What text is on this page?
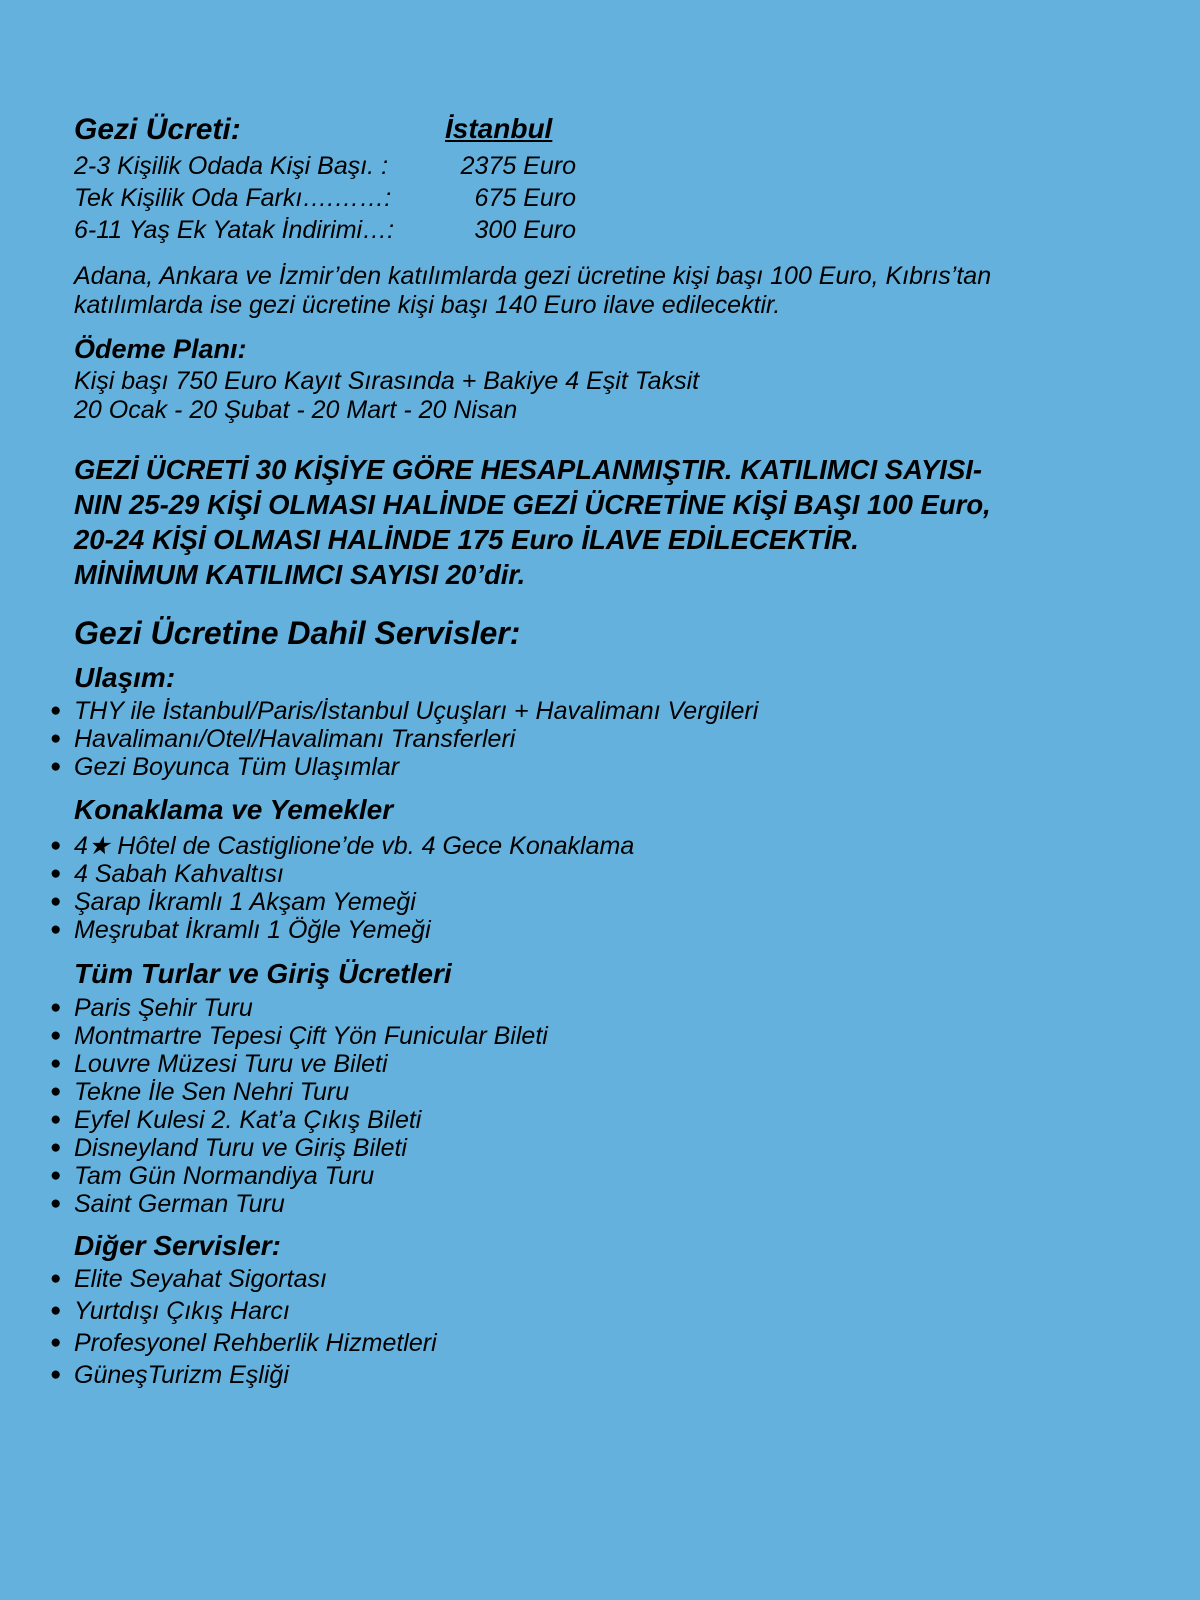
Gezi Ücreti:	İstanbul
2-3 Kişilik Odada Kişi Başı. :	2375 Euro
Tek Kişilik Oda Farkı….……:	675 Euro
6-11 Yaş Ek Yatak İndirimi…:	300 Euro
Adana, Ankara ve İzmir’den katılımlarda gezi ücretine kişi başı 100 Euro, Kıbrıs’tan
katılımlarda ise gezi ücretine kişi başı 140 Euro ilave edilecektir.
Ödeme Planı:
Kişi başı 750 Euro Kayıt Sırasında + Bakiye 4 Eşit Taksit
20 Ocak - 20 Şubat - 20 Mart - 20 Nisan
GEZİ ÜCRETİ 30 KİŞİYE GÖRE HESAPLANMIŞTIR. KATILIMCI SAYISI-
NIN 25-29 KİŞİ OLMASI HALİNDE GEZİ ÜCRETİNE KİŞİ BAŞI 100 Euro,
20-24 KİŞİ OLMASI HALİNDE 175 Euro İLAVE EDİLECEKTİR.
MİNİMUM KATILIMCI SAYISI 20’dir.
Gezi Ücretine Dahil Servisler:
Ulaşım:
● THY ile İstanbul/Paris/İstanbul Uçuşları + Havalimanı Vergileri
● Havalimanı/Otel/Havalimanı Transferleri
● Gezi Boyunca Tüm Ulaşımlar
Konaklama ve Yemekler
● 4★ Hôtel de Castiglione’de vb. 4 Gece Konaklama
● 4 Sabah Kahvaltısı
● Şarap İkramlı 1 Akşam Yemeği
● Meşrubat İkramlı 1 Öğle Yemeği
Tüm Turlar ve Giriş Ücretleri
● Paris Şehir Turu
● Montmartre Tepesi Çift Yön Funicular Bileti
● Louvre Müzesi Turu ve Bileti
● Tekne İle Sen Nehri Turu
● Eyfel Kulesi 2. Kat’a Çıkış Bileti
● Disneyland Turu ve Giriş Bileti
● Tam Gün Normandiya Turu
● Saint German Turu
Diğer Servisler:
● Elite Seyahat Sigortası
● Yurtdışı Çıkış Harcı
● Profesyonel Rehberlik Hizmetleri
● GüneşTurizm Eşliği
